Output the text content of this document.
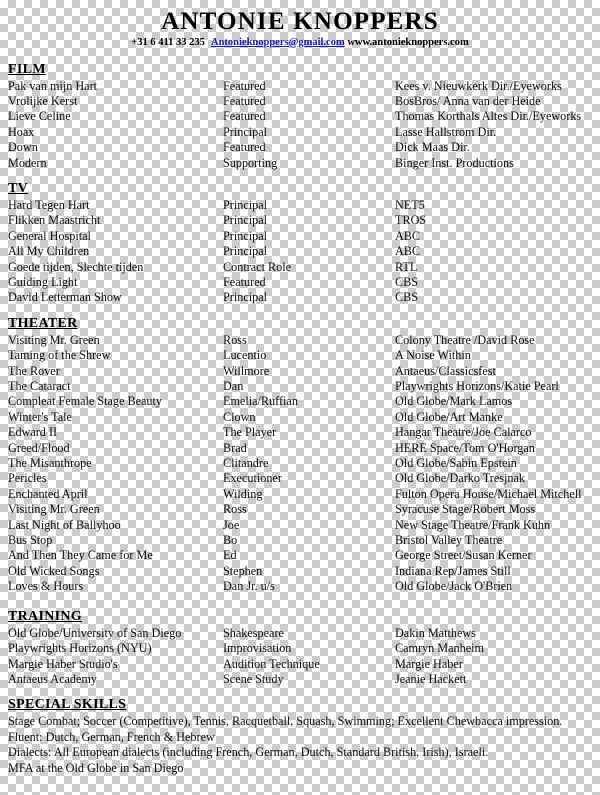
ANTONIE KNOPPERS
+31 6 411 33 235 Antonieknoppers@gmail.com www.antonieknoppers.com
FILM
Pak van mijn Hart	Featured	Kees v. Nieuwkerk Dir./Eyeworks
Vrolijke Kerst	Featured	BosBros/ Anna van der Heide
Lieve Celine	Featured	Thomas Korthals Altes Dir./Eyeworks
Hoax	Principal	Lasse Hallstrom Dir.
Down	Featured	Dick Maas Dir.
Modern	Supporting	Binger Inst. Productions
TV
Hard Tegen Hart	Principal	NET5
Flikken Maastricht	Principal	TROS
General Hospital	Principal	ABC
All My Children	Principal	ABC
Goede tijden, Slechte tijden	Contract Role	RTL
Guiding Light	Featured	CBS
David Letterman Show	Principal	CBS
THEATER
Visiting Mr. Green	Ross	Colony Theatre /David Rose
Taming of the Shrew	Lucentio	A Noise Within
The Rover	Willmore	Antaeus/Classicsfest
The Cataract	Dan	Playwrights Horizons/Katie Pearl
Compleat Female Stage Beauty	Emelia/Ruffian	Old Globe/Mark Lamos
Winter's Tale	Clown	Old Globe/Art Manke
Edward II	The Player	Hangar Theatre/Joe Calarco
Greed/Flood	Brad	HERE Space/Tom O'Horgan
The Misanthrope	Clitandre	Old Globe/Sabin Epstein
Pericles	Executioner	Old Globe/Darko Tresjnak
Enchanted April	Wilding	Fulton Opera House/Michael Mitchell
Visiting Mr. Green	Ross	Syracuse Stage/Robert Moss
Last Night of Ballyhoo	Joe	New Stage Theatre/Frank Kuhn
Bus Stop	Bo	Bristol Valley Theatre
And Then They Came for Me	Ed	George Street/Susan Kerner
Old Wicked Songs	Stephen	Indiana Rep/James Still
Loves & Hours	Dan Jr. u/s	Old Globe/Jack O'Brien
TRAINING
Old Globe/University of San Diego	Shakespeare	Dakin Matthews
Playwrights Horizons (NYU)	Improvisation	Camryn Manheim
Margie Haber Studio's	Audition Technique	Margie Haber
Antaeus Academy	Scene Study	Jeanie Hackett
SPECIAL SKILLS
Stage Combat; Soccer (Competitive), Tennis, Racquetball, Squash, Swimming; Excellent Chewbacca impression.
Fluent: Dutch, German, French & Hebrew
Dialects: All European dialects (including French, German, Dutch, Standard British, Irish), Israeli.
MFA at the Old Globe in San Diego
